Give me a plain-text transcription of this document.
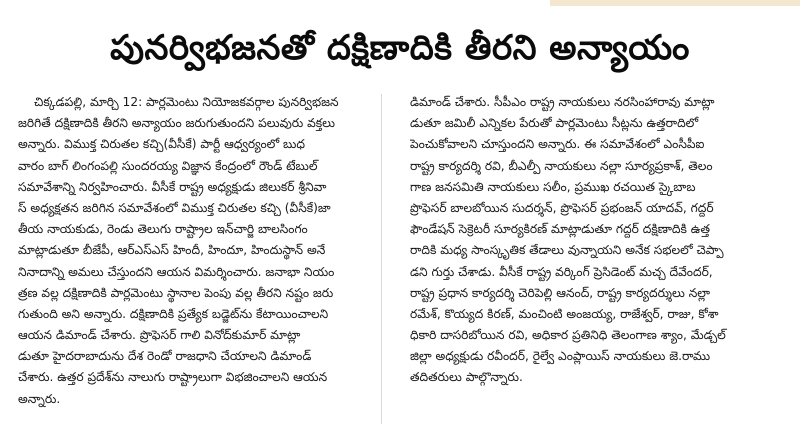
పునర్విభజనతో దక్షిణాదికి తీరని అన్యాయం
చిక్కడపల్లి, మార్చి 12: పార్లమెంటు నియోజకవర్గాల పునర్విభజన
జరిగితే దక్షిణాదికి తీరని అన్యాయం జరుగుతుందని పలువురు వక్తలు
అన్నారు. విముక్త చిరుతల కచ్చి(వీసీకే) పార్టీ ఆధ్వర్యంలో బుధ
వారం బాగ్ లింగంపల్లి సుందరయ్య విజ్ఞాన కేంద్రంలో రౌండ్ టేబుల్
సమావేశాన్ని నిర్వహించారు. వీసీకే రాష్ట్ర అధ్యక్షుడు జిలుకర్ శ్రీనివా
స్ అధ్యక్షతన జరిగిన సమావేశంలో విముక్త చిరుతల కచ్చి (వీసీకే)జా
తీయ నాయకుడు, రెండు తెలుగు రాష్ట్రాల ఇన్‌చార్జి బాలసింగం
మాట్లాడుతూ బీజేపీ, ఆర్ఎస్ఎస్ హిందీ, హిందూ, హిందుస్థాన్ అనే
నినాదాన్ని అమలు చేస్తుందని ఆయన విమర్శించారు. జనాభా నియం
త్రణ వల్ల దక్షిణాదికి పార్లమెంటు స్థానాల పెంపు వల్ల తీరని నష్టం జరు
గుతుంది అని అన్నారు. దక్షిణాదికి ప్రత్యేక బడ్జెట్‌ను కేటాయించాలని
ఆయన డిమాండ్ చేశారు. ప్రొఫెసర్ గాలి వినోద్‌కుమార్ మాట్లా
డుతూ హైదరాబాదును దేశ రెండో రాజధాని చేయాలని డిమాండ్
చేశారు. ఉత్తర ప్రదేశ్‌ను నాలుగు రాష్ట్రాలుగా విభజించాలని ఆయన
అన్నారు.
డిమాండ్ చేశారు. సీపీఎం రాష్ట్ర నాయకులు నరసింహారావు మాట్లా
డుతూ జమిలీ ఎన్నికల పేరుతో పార్లమెంటు సీట్లను ఉత్తరాదిలో
పెంచుకోవాలని చూస్తుందని అన్నారు. ఈ సమావేశంలో ఎంసీపీఐ
రాష్ట్ర కార్యదర్శి రవి, బీఎల్పీ నాయకులు నల్లా సూర్యప్రకాశ్, తెలం
గాణ జనసమితి నాయకులు సలీం, ప్రముఖ రచయిత స్కైబాబ
ప్రొఫెసర్ బాలబోయిన సుదర్శన్, ప్రొఫెసర్ ప్రభంజన్ యాదవ్, గద్దర్
ఫౌండేషన్ సెక్రెటరీ సూర్యకిరణ్ మాట్లాడుతూ గద్దర్ దక్షిణాదికి ఉత్త
రాదికి మధ్య సాంస్కృతిక తేడాలు వున్నాయని అనేక సభలలో చెప్పా
డని గుర్తు చేశాడు. వీసీకే రాష్ట్ర వర్కింగ్ ప్రెసిడెంట్ మచ్చ దేవేందర్,
రాష్ట్ర ప్రధాన కార్యదర్శి చెరిపెల్లి ఆనంద్, రాష్ట్ర కార్యదర్శులు నల్లా
రమేశ్, కొయ్యద కిరణ్, మంచింటి అంజయ్య, రాజేశ్వర్, రాజు, కోశా
ధికారి దాసరిబోయిన రవి, అధికార ప్రతినిధి తెలంగాణ శ్యాం, మేడ్చల్
జిల్లా అధ్యక్షుడు రవీందర్, రైల్వే ఎంప్లాయిస్ నాయకులు జె.రాము
తదితరులు పాల్గొన్నారు.
